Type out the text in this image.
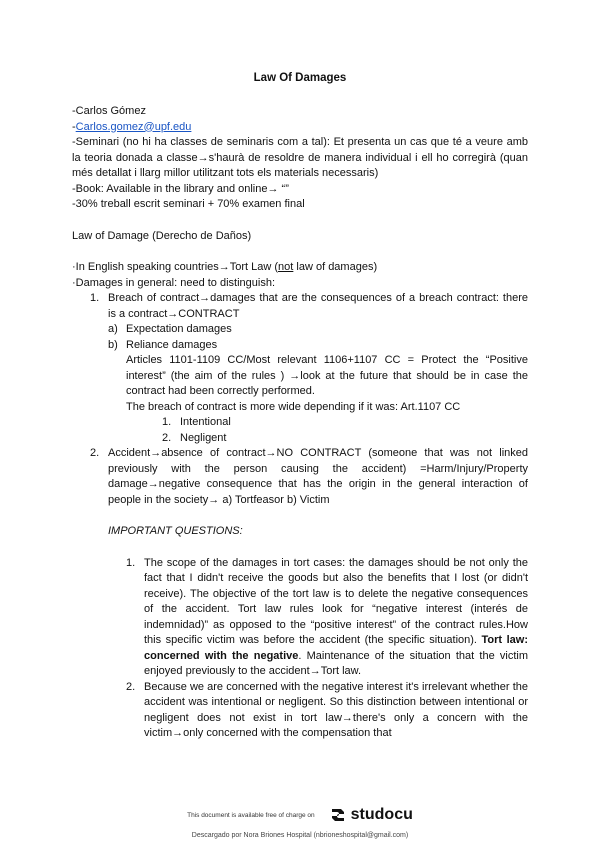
Law Of Damages

-Carlos Gómez

-Carlos.gomez@upf.edu

-Seminari (no hi ha classes de seminaris com a tal): Et presenta un cas que té a veure amb la teoria donada a classe→s'haurà de resoldre de manera individual i ell ho corregirà (quan més detallat i llarg millor utilitzant tots els materials necessaris)

-Book: Available in the library and online→ “”

-30% treball escrit seminari + 70% examen final

Law of Damage (Derecho de Daños)

·In English speaking countries→Tort Law (not law of damages)

·Damages in general: need to distinguish:

1. Breach of contract→damages that are the consequences of a breach contract: there is a contract→CONTRACT
a) Expectation damages
b) Reliance damages

Articles 1101-1109 CC/Most relevant 1106+1107 CC = Protect the “Positive interest” (the aim of the rules ) →look at the future that should be in case the contract had been correctly performed.

The breach of contract is more wide depending if it was: Art.1107 CC

1. Intentional
2. Negligent
2. Accident→absence of contract→NO CONTRACT (someone that was not linked previously with the person causing the accident) =Harm/Injury/Property damage→negative consequence that has the origin in the general interaction of people in the society→ a) Tortfeasor b) Victim

IMPORTANT QUESTIONS:

1. The scope of the damages in tort cases: the damages should be not only the fact that I didn't receive the goods but also the benefits that I lost (or didn't receive). The objective of the tort law is to delete the negative consequences of the accident. Tort law rules look for “negative interest (interés de indemnidad)” as opposed to the “positive interest” of the contract rules.How this specific victim was before the accident (the specific situation). Tort law: concerned with the negative. Maintenance of the situation that the victim enjoyed previously to the accident→Tort law.
2. Because we are concerned with the negative interest it's irrelevant whether the accident was intentional or negligent. So this distinction between intentional or negligent does not exist in tort law→there's only a concern with the victim→only concerned with the compensation that
This document is available free of charge on studocu
Descargado por Nora Briones Hospital (nbrioneshospital@gmail.com)
